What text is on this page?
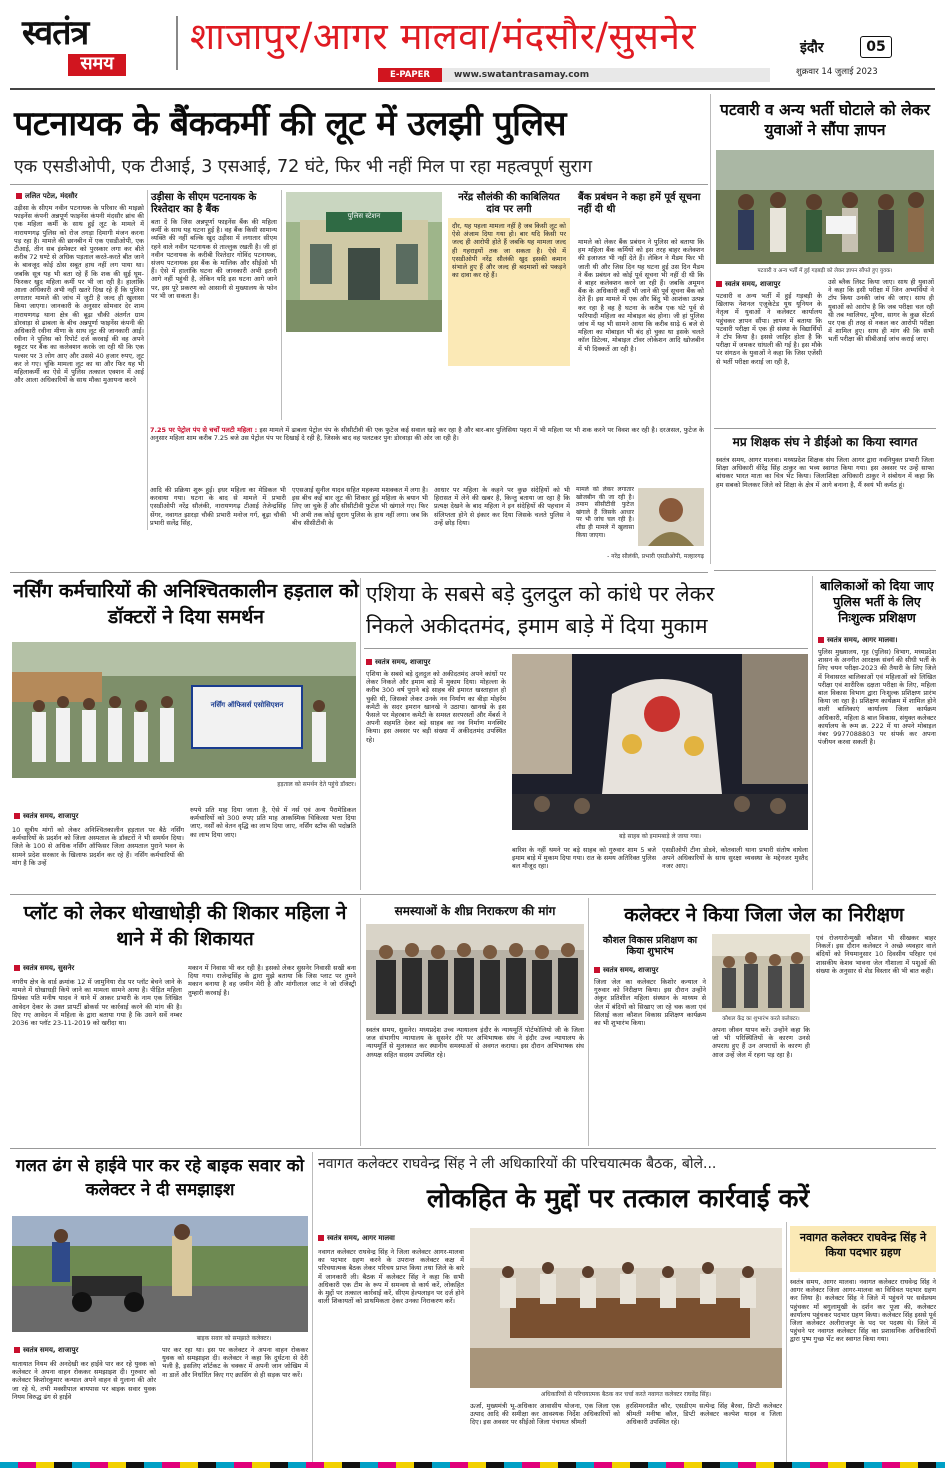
स्वतंत्र
समय
शाजापुर/आगर मालवा/मंदसौर/सुसनेर
E-PAPER	www.swatantrasamay.com
इंदौर	05
शुक्रवार 14 जुलाई 2023
पटनायक के बैंककर्मी की लूट में उलझी पुलिस
एक एसडीओपी, एक टीआई, 3 एसआई, 72 घंटे, फिर भी नहीं मिल पा रहा महत्वपूर्ण सुराग
ललित पटेल, मंदसौर
उड़ीसा के सीएम नवीन पटनायक के परिवार की माइक्रो फाइनेंस कंपनी अन्नपूर्ण फाइनेंस कंपनी मंदसौर ब्रांच की एक महिला कर्मी के साथ हुई लूट के मामले में नारायणगढ़ पुलिस को रोज तगड़ा दिमागी मंजन करना पड़ रहा है। मामले की छानबीन में एक एसडीओपी, एक टीआई, तीन सब इंस्पेक्टर को पुरस्कार लगा कर बीते करीब 72 घण्टे से अधिक पड़ताल करते-करते बीत जाने के बावजूद कोई ठोस सबूत हाथ नहीं लग पाया था। जबकि सूत्र यह भी बता रहे हैं कि शक की सुई घूम-फिरकर खुद महिला कर्मी पर भी जा रही है। हालांकि आला अधिकारी अभी नहीं खतरे दिख रहे हैं कि पुलिस लगातार मामले की जांच में जुटी है जल्द ही खुलासा किया जाएगा। जानकारी के अनुसार सोमवार देर शाम नारायणगढ़ थाना क्षेत्र की बूढ़ा चौकी अंतर्गत ग्राम डोरवाड़ा से ढाबला के बीच अन्नपूर्णा फाइनेंस कंपनी की अधिकारी रवीना मीणा के साथ लूट की जानकारी आई। रवीना ने पुलिस को रिपोर्ट दर्ज करवाई की वह अपने स्कूटर पर बैंक का कलेक्शन करके जा रही थी कि एक पल्सर पर 3 लोग आए और उससे 40 हजार रुपए, लूट कर ले गए। चूंकि मामला लूट का था और फिर यह भी महिलाकर्मी का ऐसे में पुलिस तत्काल एक्शन में आई और आला अधिकारियों के साथ मौका मुआयना करने
उड़ीसा के सीएम पटनायक के रिश्तेदार का है बैंक
बता दें कि जिस अन्नपूर्णा फाइनेंस बैंक की महिला कर्मी के साथ यह घटना हुई है। वह बैंक किसी सामान्य व्यक्ति की नहीं बल्कि खुद उड़ीसा में लगातार सीएम रहने वाले नवीन पटनायक से ताल्लुक रखती है। जी हां नवीन पटनायक के करीबी रिश्तेदार गोविंद पटनायक, संजय पटनायक इस बैंक के मालिक और सीईओ भी हैं। ऐसे में हालांकि घटना की जानकारी अभी इतनी आगे नहीं पहुंची है, लेकिन यदि इस घटना आगे जाने पर, इस पूरे प्रकरण को आसानी से मुख्यालय के फोन पर भी जा सकता है।
पुलिस स्टेशन
नरेंद्र सौलंकी की काबिलियत दांव पर लगी
दौर, यह पहला मामला नहीं है जब किसी लूट को ऐसे अंजाम दिया गया हो। बार यदि किसी पर जल्द ही आरोपी होते हैं जबकि यह मामला जल्द ही गहराइयों तक जा सकता है। ऐसे में एसडीओपी नरेंद्र सौलंकी खुद इसकी कमान संभाले हुए हैं और जल्द ही बदमाशों को पकड़ने का दावा कर रहे हैं।
बैंक प्रबंधन ने कहा हमें पूर्व सूचना नहीं दी थी
मामले को लेकर बैंक प्रबंधन ने पुलिस को बताया कि हम महिला बैंक कर्मियों को इस तरह बाहर कलेक्शन की इजाजत भी नहीं देते हैं। लेकिन ने मैडम फिर भी जाती थी और जिस दिन यह घटना हुई उस दिन मैडम ने बैंक प्रबंधन को कोई पूर्व सूचना भी नहीं दी थी कि वे बाहर कलेक्शन करने जा रही हैं। जबकि अमूमन बैंक के अधिकारी कहीं भी जाने की पूर्व सूचना बैंक को देते हैं। इस मामले में एक और बिंदु भी आशंका उत्पन्न कर रहा है वह है घटना के करीब एक घंटे पूर्व से फरियादी महिला का मोबाइल बंद होना। जी हां पुलिस जांच में यह भी सामने आया कि करीब साढ़े 6 बजे से महिला का मोबाइल भी बंद हो चुका था इसके चलते कॉल डिटेल्स, मोबाइल टॉवर लोकेशन आदि खोजबीन में भी दिक्कतें आ रही है।
7.25 पर पेट्रोल पंप से चर्चों पलटी महिला : इस मामले में ढाबला पेट्रोल पंप के सीसीटीवी की एक फुटेज कई सवाल खड़े कर रहा है और बार-बार पुलिसिया पहरा में भी महिला पर भी शक करने पर विवश कर रही है। दरअसल, फुटेज के अनुसार महिला शाम करीब 7.25 बजे उस पेट्रोल पंप पर दिखाई दे रही है, जिसके बाद वह पलटकर पुनः डोरवाड़ा की ओर जा रही है।
आदि की प्रक्रिया शुरू हुई। इधर महिला का मेडिकल भी करवाया गया। घटना के बाद से मामले में प्रभारी एसडीओपी नरेंद्र सौलंकी, नारायणगढ़ टीआई तेजेन्द्रसिंह सेंगर, नवागत झारड़ा चौकी प्रभारी मनोज गर्ग, बूढ़ा चौकी प्रभारी सलेंद्र सिंह,
एएसआई सुनील यादव सहित महकमा मशक्कत में लगा है। इस बीच कई बार लूट की शिकार हुई महिला के बयान भी लिए जा चुके हैं और सीसीटीवी फुटेज भी खंगाले गए। फिर भी अभी तक कोई सुराग पुलिस के हाथ नहीं लगा। जब कि बीच सीसीटीवी के
आधार पर महिला के कहने पर कुछ संदेहियों को भी हिरासत में लेने की खबर है, किन्तु बताया जा रहा है कि प्रत्यक्ष देखने के बाद महिला ने इन संदेहियों की पहचान में संलिप्तता होने से इंकार कर दिया जिसके चलते पुलिस ने उन्हें छोड़ दिया।
मामले को लेकर लगातार खोजबीन की जा रही है। तमाम सीसीटीवी फुटेज खंगाले हैं जिसके आधार पर भी जांच चल रही है। शीघ्र ही मामले में खुलासा किया जाएगा।
- नरेंद्र सौलंकी, प्रभारी एसडीओपी, मल्हारगढ़
पटवारी व अन्य भर्ती घोटाले को लेकर युवाओं ने सौंपा ज्ञापन
पटवारी व अन्य भर्ती में हुई गड़बड़ी को लेकर ज्ञापन सौंपते हुए युवक।
स्वतंत्र समय, शाजापुर
पटवारी व अन्य भर्ती में हुई गड़बड़ी के खिलाफ नेशनल एजुकेटेड यूथ यूनियन के नेतृत्व में युवाओं ने कलेक्टर कार्यालय पहुंचकर ज्ञापन सौंपा। ज्ञापन में बताया कि पटवारी परीक्षा में एक ही संस्था के विद्यार्थियों ने टॉप किया है। इससे जाहिर होता है कि परीक्षा में जमकर धांधली की गई है। इस मौके पर संगठन के युवाओं ने कहा कि जिस एजेंसी से भर्ती परीक्षा कराई जा रही है,
उसे ब्लैक लिस्ट किया जाए। साथ ही युवाओं ने कहा कि इसी परीक्षा में जिन अभ्यर्थियों ने टॉप किया उनकी जांच की जाए। साथ ही युवाओं को आरोप है कि जब परीक्षा चल रही थी तब ग्वालियर, मुरैना, सागर के कुछ सेंटर्स पर एक ही तरह से नकल कर आरोपी परीक्षा में शामिल हुए। साथ ही मांग की कि सभी भर्ती परीक्षा की सीबीआई जांच कराई जाए।
मप्र शिक्षक संघ ने डीईओ का किया स्वागत
स्वतंत्र समय, आगर मालवा। मध्यप्रदेश शिक्षक संघ जिला आगर द्वारा नवनियुक्त प्रभारी जिला शिक्षा अधिकारी वीरेंद्र सिंह ठाकुर का भव्य स्वागत किया गया। इस अवसर पर उन्हें साफा बांधकर भारत माता का चित्र भेंट किया। जिलाशिक्षा अधिकारी ठाकुर ने संबोधन में कहा कि हम सबको मिलकर जिले को शिक्षा के क्षेत्र में आगे बनाना है, मैं स्वयं भी कर्मठ हूं।
नर्सिंग कर्मचारियों की अनिश्चितकालीन हड़ताल को डॉक्टरों ने दिया समर्थन
नर्सिंग ऑफिसर्स एसोसिएशन
हड़ताल को समर्थन देते पहुंचे डॉक्टर।
स्वतंत्र समय, शाजापुर
10 सूत्रीय मांगों को लेकर अनिश्चितकालीन हड़ताल पर बैठे नर्सिंग कर्मचारियों के प्रदर्शन को जिला अस्पताल के डॉक्टरों ने भी समर्थन दिया। जिले के 100 से अधिक नर्सिंग ऑफिसर जिला अस्पताल पुराने भवन के सामने प्रदेश सरकार के खिलाफ प्रदर्शन कर रहे हैं। नर्सिंग कर्मचारियों की मांग है कि उन्हें
रुपये प्रति माह दिया जाता है, ऐसे में नर्स एवं अन्य पैरामेडिकल कर्मचारियों को 300 रुपए प्रति माह आकस्मिक चिकित्सा भत्ता दिया जाए, नर्सों को वेतन वृद्धि का लाभ दिया जाए, नर्सिंग स्टॉफ की पदोन्नति का लाभ दिया जाए।
एशिया के सबसे बड़े दुलदुल को कांधे पर लेकर
निकले अकीदतमंद, इमाम बाड़े में दिया मुकाम
स्वतंत्र समय, शाजापुर
एशिया के सबसे बड़े दुलदुल को अकीदतमंद अपने कांधों पर लेकर निकले और इमाम बाड़े में मुकाम दिया। मोहल्ला के करीब 300 वर्ष पुराने बड़े साहब की इमारत खस्ताहाल हो चुकी थी, जिसको लेकर उनके नव निर्माण का बीड़ा मोहर्रम कमेटी के सदर इमरान खानखे ने उठाया। खानखे के इस फैसले पर मेहरबान कमेटी के समस्त सरपरस्तों और मेंबर्स ने अपनी सहमति देकर बड़े साहब का नव निर्माण मनस्थिर किया। इस अवसर पर बड़ी संख्या में अकीदतमंद उपस्थित रहे।
बड़े साहब को इमामबाड़े ले जाया गया।
बारिश के नहीं थमने पर बड़े साहब को गुरुवार शाम 5 बजे इमाम बाड़े में मुकाम दिया गया। रात के समय अतिरिक्त पुलिस बल मौजूद रहा।
एसडीओपी टीना डोडवे, कोतवाली थाना प्रभारी संतोष वाघेला अपने अधिकारियों के साथ सुरक्षा व्यवस्था के मद्देनजर मुस्तैद नजर आए।
बालिकाओं को दिया जाए पुलिस भर्ती के लिए निःशुल्क प्रशिक्षण
स्वतंत्र समय, आगर मालवा।
पुलिस मुख्यालय, गृह (पुलिस) विभाग, मध्यप्रदेश शासन के अनगीत आरक्षक संवर्ग की सीधी भर्ती के लिए चयन परीक्षा-2023 की तैयारी के लिए जिले में निवासरत बालिकाओं एवं महिलाओं को लिखित परीक्षा एवं शारीरिक दक्षता परीक्षा के लिए, महिला बाल विकास विभाग द्वारा निःशुल्क प्रशिक्षण प्रारंभ किया जा रहा है। प्रशिक्षण कार्यक्रम में शामिल होने वाली बालिकाएं कार्यालय जिला कार्यक्रम अधिकारी, महिला 8 बाल विकास, संयुक्त कलेक्टर कार्यालय के रूम क्र. 222 में या अपने मोबाइल नंबर 9977088803 पर संपर्क कर अपना पंजीयन करवा सकती है।
प्लॉट को लेकर धोखाधोड़ी की शिकार महिला ने थाने में की शिकायत
स्वतंत्र समय, सुसनेर
नगरीय क्षेत्र के वार्ड क्रमांक 12 में जामुनिया रोड पर प्लॉट बेचने जाने के मामले में धोखाधड़ी किये जाने का मामला सामने आया है। पीड़ित महिला प्रियंका पति मनीष यादव ने थाने में आकर प्रभारी के नाम एक लिखित आवेदन देकर के उक्त प्रापर्टी ब्रोकर्स पर कार्रवाई करने की मांग की है। दिए गए आवेदन में महिला के द्वारा बताया गया है कि उसने सर्वे नम्बर 2036 का प्लॉट 23-11-2019 को खरीदा था।
मकान में निवास भी कर रही है। इसको लेकर सुसनेर निवासी सखी बना दिया गया। राजेन्द्रसिंह के द्वारा मुझे बताया कि जिस प्लाट पर तुमने मकान बनाया है वह जमीन मेरी है और मांगीलाल जाट ने जो रजिस्ट्री तुम्हारी करवाई है।
समस्याओं के शीघ्र निराकरण की मांग
स्वतंत्र समय, सुसनेर। मध्यप्रदेश उच्च न्यायालय इंदौर के न्यायमूर्ति पोर्टफोलियो जी के जिला जज संभागीय न्यायालय के सुसनेर दौरे पर अभिभाषक संघ ने इंदौर उच्च न्यायालय के न्यायमूर्ति से मुलाकात कर स्थानीय समस्याओं से अवगत कराया। इस दौरान अभिभाषक संघ अध्यक्ष सहित सदस्य उपस्थित रहे।
कलेक्टर ने किया जिला जेल का निरीक्षण
कौशल विकास प्रशिक्षण का किया शुभारंभ
स्वतंत्र समय, शाजापुर
जिला जेल का कलेक्टर किशोर कन्याल ने गुरुवार को निरीक्षण किया। इस दौरान उन्होंने अंकुर प्रतिशील महिला संस्थान के माध्यम से जेल में बंदियों को सिखाए जा रहे चक कला एवं सिलाई कला कौशल विकास प्रशिक्षण कार्यक्रम का भी शुभारंभ किया।
कौशल केंद्र का शुभारंभ करते कलेक्टर।
अपना जीवन यापन करें। उन्होंने कहा कि जो भी परिस्थितियों के कारण उनसे अपराध हुए हैं उन अपराधों के कारण ही आज उन्हें जेल में रहना पड़ रहा है।
एवं रोजगारोन्मुखी कौशल भी सीखकर बाहर निकलें। इस दौरान कलेक्टर ने अच्छे व्यवहार वाले बंदियों को नियमानुसार 10 दिवसीय परिहार एवं शासकीय केशव भावना जेल गौशाला में पशुओं की संख्या के अनुसार से शेड विस्तार की भी बात कही।
गलत ढंग से हाईवे पार कर रहे बाइक सवार को कलेक्टर ने दी समझाइश
बाइक सवार को समझाते कलेक्टर।
स्वतंत्र समय, शाजापुर
यातायात नियम की अनदेखी कर हाईवे पार कर रहे युवक को कलेक्टर ने अपना वाहन रोककर समझाइश दी। गुरुवार को कलेक्टर किशोरकुमार कन्याल अपने वाहन से गुलाना की ओर जा रहे थे, तभी मक्सीपाल बायपास पर बाइक सवार युवक नियम विरुद्ध ढंग से हाईवे
पार कर रहा था। इस पर कलेक्टर ने अपना वाहन रोककर युवक को समझाइश दी। कलेक्टर ने कहा कि दुर्घटना से देरी भली है, इसलिए शॉर्टकट के चक्कर में अपनी जान जोखिम में ना डालें और निर्धारित किए गए क्रासिंग से ही सड़क पार करें।
नवागत कलेक्टर राघवेन्द्र सिंह ने ली अधिकारियों की परिचयात्मक बैठक, बोले...
लोकहित के मुद्दों पर तत्काल कार्रवाई करें
स्वतंत्र समय, आगर मालवा
नवागत कलेक्टर राघवेन्द्र सिंह ने जिला कलेक्टर आगर-मालवा का पदभार ग्रहण करने के उपरान्त कलेक्टर कक्ष में परिचयात्मक बैठक लेकर परिचय प्राप्त किया तथा जिले के बारे में जानकारी ली। बैठक में कलेक्टर सिंह ने कहा कि सभी अधिकारी एक टीम के रूप में समन्वय से कार्य करें, लोकहित के मुद्दों पर तत्काल कार्रवाई करें, सीएम हेल्पलाइन पर दर्ज होने वाली शिकायतों को प्राथमिकता देकर उनका निराकरण करें।
अधिकारियों से परिचयात्मक बैठक कर चर्चा करते नवागत कलेक्टर राघवेंद्र सिंह।
ऊर्जा, मुख्यमंत्री भू-अधिकार आवासीय योजना, एक जिला एक उत्पाद आदि की समीक्षा कर आवश्यक निर्देश अधिकारियों को दिए। इस अवसर पर सीईओ जिला पंचायत श्रीमती
हरसिमरनप्रीत कौर, एसडीएम सत्येन्द्र सिंह बैरवा, डिप्टी कलेक्टर श्रीमती मनीषा कौल, डिप्टी कलेक्टर कल्पेश यादव व जिला अधिकारी उपस्थित रहे।
नवागत कलेक्टर राघवेन्द्र सिंह ने किया पदभार ग्रहण
स्वतंत्र समय, आगर मालवा। नवागत कलेक्टर राघवेन्द्र सिंह ने आगर कलेक्टर जिला आगर-मालवा का विधिवत पदभार ग्रहण कर लिया है। कलेक्टर सिंह ने जिले में पहुंचने पर सर्वप्रथम पहुंचकर माँ बगुलामुखी के दर्शन कर पूजा की, कलेक्टर कार्यालय पहुंचकर पदभार ग्रहण किया। कलेक्टर सिंह इससे पूर्व जिला कलेक्टर अलीराजपुर के पद पर पदस्थ थे। जिले में पहुंचने पर नवागत कलेक्टर सिंह का प्रशासनिक अधिकारियों द्वारा पुष्प गुच्छ भेंट कर स्वागत किया गया।
